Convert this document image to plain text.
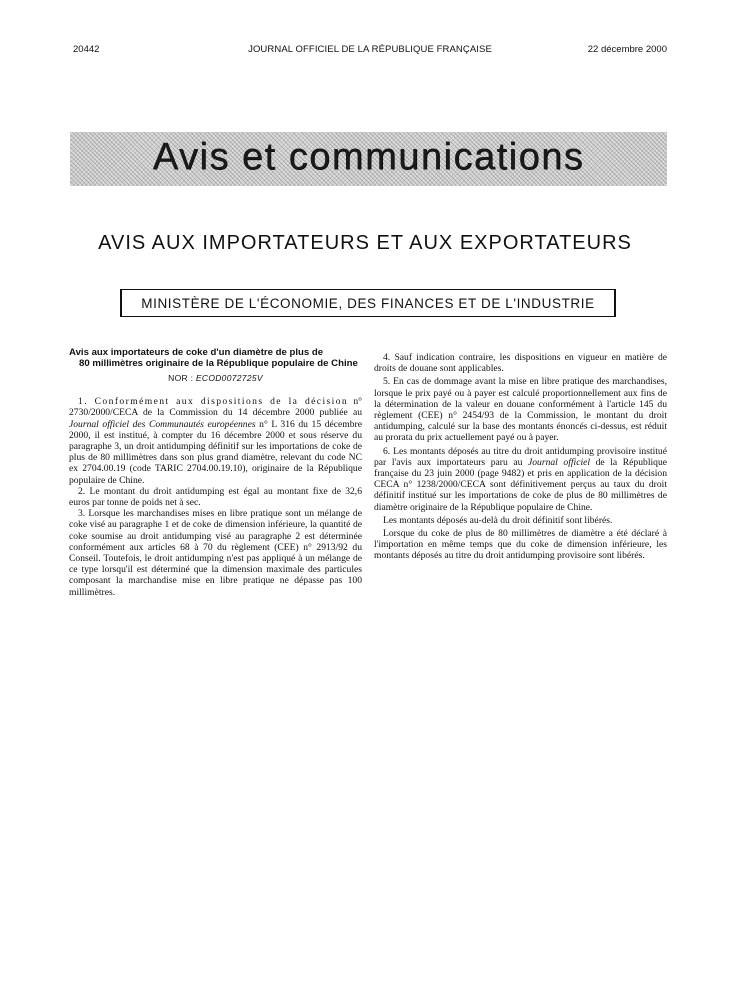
20442	JOURNAL OFFICIEL DE LA RÉPUBLIQUE FRANÇAISE	22 décembre 2000
Avis et communications
AVIS AUX IMPORTATEURS ET AUX EXPORTATEURS
MINISTÈRE DE L'ÉCONOMIE, DES FINANCES ET DE L'INDUSTRIE
Avis aux importateurs de coke d'un diamètre de plus de
80 millimètres originaire de la République populaire de Chine
NOR : ECOD0072725V

1. Conformément aux dispositions de la décision n° 2730/2000/CECA de la Commission du 14 décembre 2000 publiée au Journal officiel des Communautés européennes n° L 316 du 15 décembre 2000, il est institué, à compter du 16 décembre 2000 et sous réserve du paragraphe 3, un droit antidumping définitif sur les importations de coke de plus de 80 millimètres dans son plus grand diamètre, relevant du code NC ex 2704.00.19 (code TARIC 2704.00.19.10), originaire de la République populaire de Chine.

2. Le montant du droit antidumping est égal au montant fixe de 32,6 euros par tonne de poids net à sec.

3. Lorsque les marchandises mises en libre pratique sont un mélange de coke visé au paragraphe 1 et de coke de dimension inférieure, la quantité de coke soumise au droit antidumping visé au paragraphe 2 est déterminée conformément aux articles 68 à 70 du règlement (CEE) n° 2913/92 du Conseil. Toutefois, le droit antidumping n'est pas appliqué à un mélange de ce type lorsqu'il est déterminé que la dimension maximale des particules composant la marchandise mise en libre pratique ne dépasse pas 100 millimètres.

4. Sauf indication contraire, les dispositions en vigueur en matière de droits de douane sont applicables.

5. En cas de dommage avant la mise en libre pratique des marchandises, lorsque le prix payé ou à payer est calculé proportionnellement aux fins de la détermination de la valeur en douane conformément à l'article 145 du règlement (CEE) n° 2454/93 de la Commission, le montant du droit antidumping, calculé sur la base des montants énoncés ci-dessus, est réduit au prorata du prix actuellement payé ou à payer.

6. Les montants déposés au titre du droit antidumping provisoire institué par l'avis aux importateurs paru au Journal officiel de la République française du 23 juin 2000 (page 9482) et pris en application de la décision CECA n° 1238/2000/CECA sont définitivement perçus au taux du droit définitif institué sur les importations de coke de plus de 80 millimètres de diamètre originaire de la République populaire de Chine.

Les montants déposés au-delà du droit définitif sont libérés.

Lorsque du coke de plus de 80 millimètres de diamètre a été déclaré à l'importation en même temps que du coke de dimension inférieure, les montants déposés au titre du droit antidumping provisoire sont libérés.
